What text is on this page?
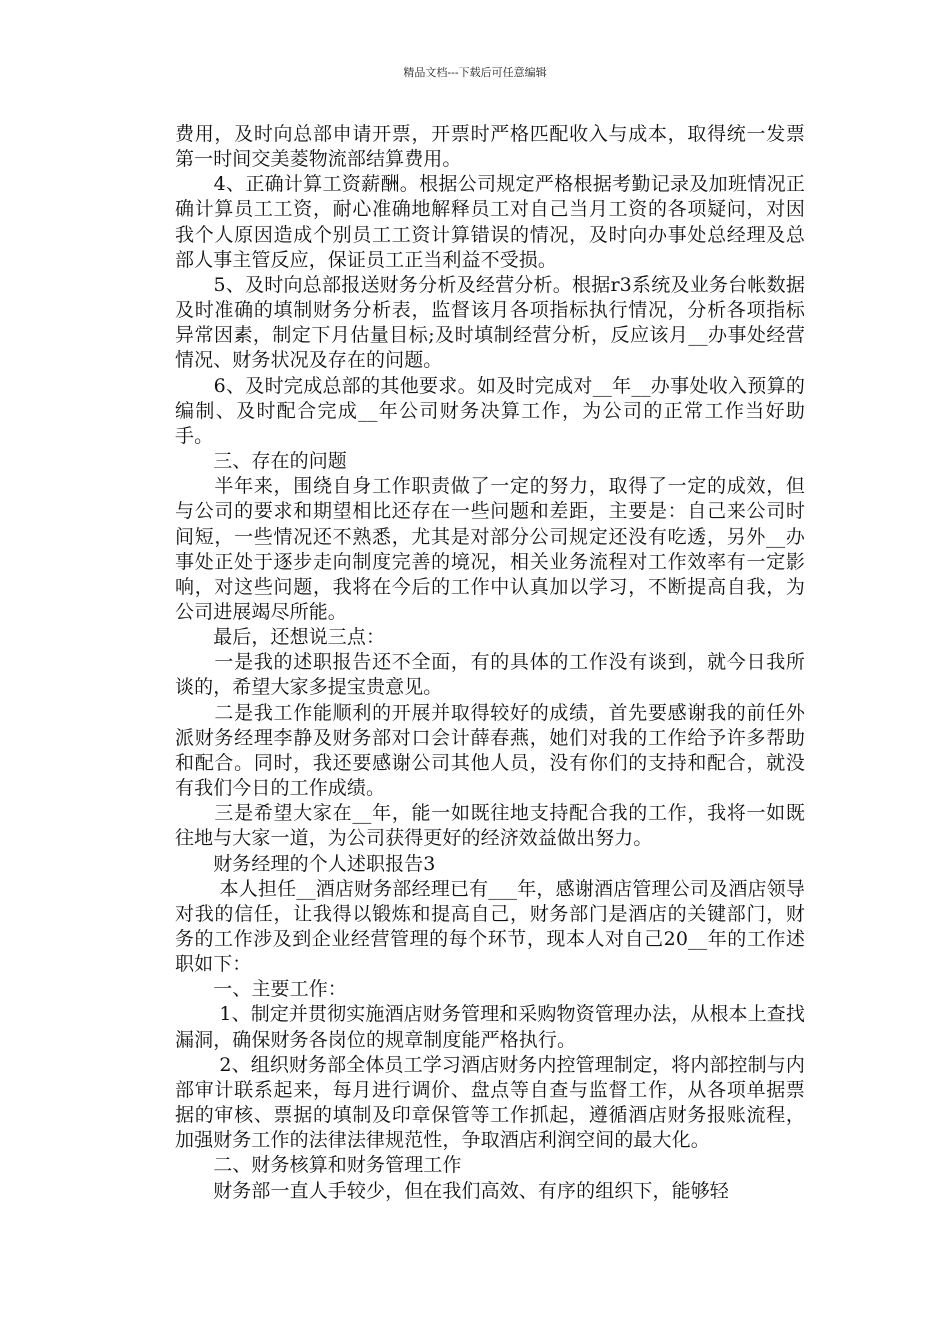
精品文档---下载后可任意编辑

费用，及时向总部申请开票，开票时严格匹配收入与成本，取得统一发票第一时间交美菱物流部结算费用。

　　4、正确计算工资薪酬。根据公司规定严格根据考勤记录及加班情况正确计算员工工资，耐心准确地解释员工对自己当月工资的各项疑问，对因我个人原因造成个别员工工资计算错误的情况，及时向办事处总经理及总部人事主管反应，保证员工正当利益不受损。

　　5、及时向总部报送财务分析及经营分析。根据r3系统及业务台帐数据及时准确的填制财务分析表，监督该月各项指标执行情况，分析各项指标异常因素，制定下月估量目标;及时填制经营分析，反应该月__办事处经营情况、财务状况及存在的问题。

　　6、及时完成总部的其他要求。如及时完成对__年__办事处收入预算的编制、及时配合完成__年公司财务决算工作，为公司的正常工作当好助手。

　　三、存在的问题

　　半年来，围绕自身工作职责做了一定的努力，取得了一定的成效，但与公司的要求和期望相比还存在一些问题和差距，主要是：自己来公司时间短，一些情况还不熟悉，尤其是对部分公司规定还没有吃透，另外__办事处正处于逐步走向制度完善的境况，相关业务流程对工作效率有一定影响，对这些问题，我将在今后的工作中认真加以学习，不断提高自我，为公司进展竭尽所能。

　　最后，还想说三点：

　　一是我的述职报告还不全面，有的具体的工作没有谈到，就今日我所谈的，希望大家多提宝贵意见。

　　二是我工作能顺利的开展并取得较好的成绩，首先要感谢我的前任外派财务经理李静及财务部对口会计薛春燕，她们对我的工作给予许多帮助和配合。同时，我还要感谢公司其他人员，没有你们的支持和配合，就没有我们今日的工作成绩。

　　三是希望大家在__年，能一如既往地支持配合我的工作，我将一如既往地与大家一道，为公司获得更好的经济效益做出努力。

　　财务经理的个人述职报告3

　　 本人担任__酒店财务部经理已有___年，感谢酒店管理公司及酒店领导对我的信任，让我得以锻炼和提高自己，财务部门是酒店的关键部门，财务的工作涉及到企业经营管理的每个环节，现本人对自己20__年的工作述职如下：

　　一、主要工作：

　　 1、制定并贯彻实施酒店财务管理和采购物资管理办法，从根本上查找漏洞，确保财务各岗位的规章制度能严格执行。

　　 2、组织财务部全体员工学习酒店财务内控管理制定，将内部控制与内部审计联系起来，每月进行调价、盘点等自查与监督工作，从各项单据票据的审核、票据的填制及印章保管等工作抓起，遵循酒店财务报账流程，加强财务工作的法律法律规范性，争取酒店利润空间的最大化。

　　二、财务核算和财务管理工作

　　财务部一直人手较少，但在我们高效、有序的组织下，能够轻
